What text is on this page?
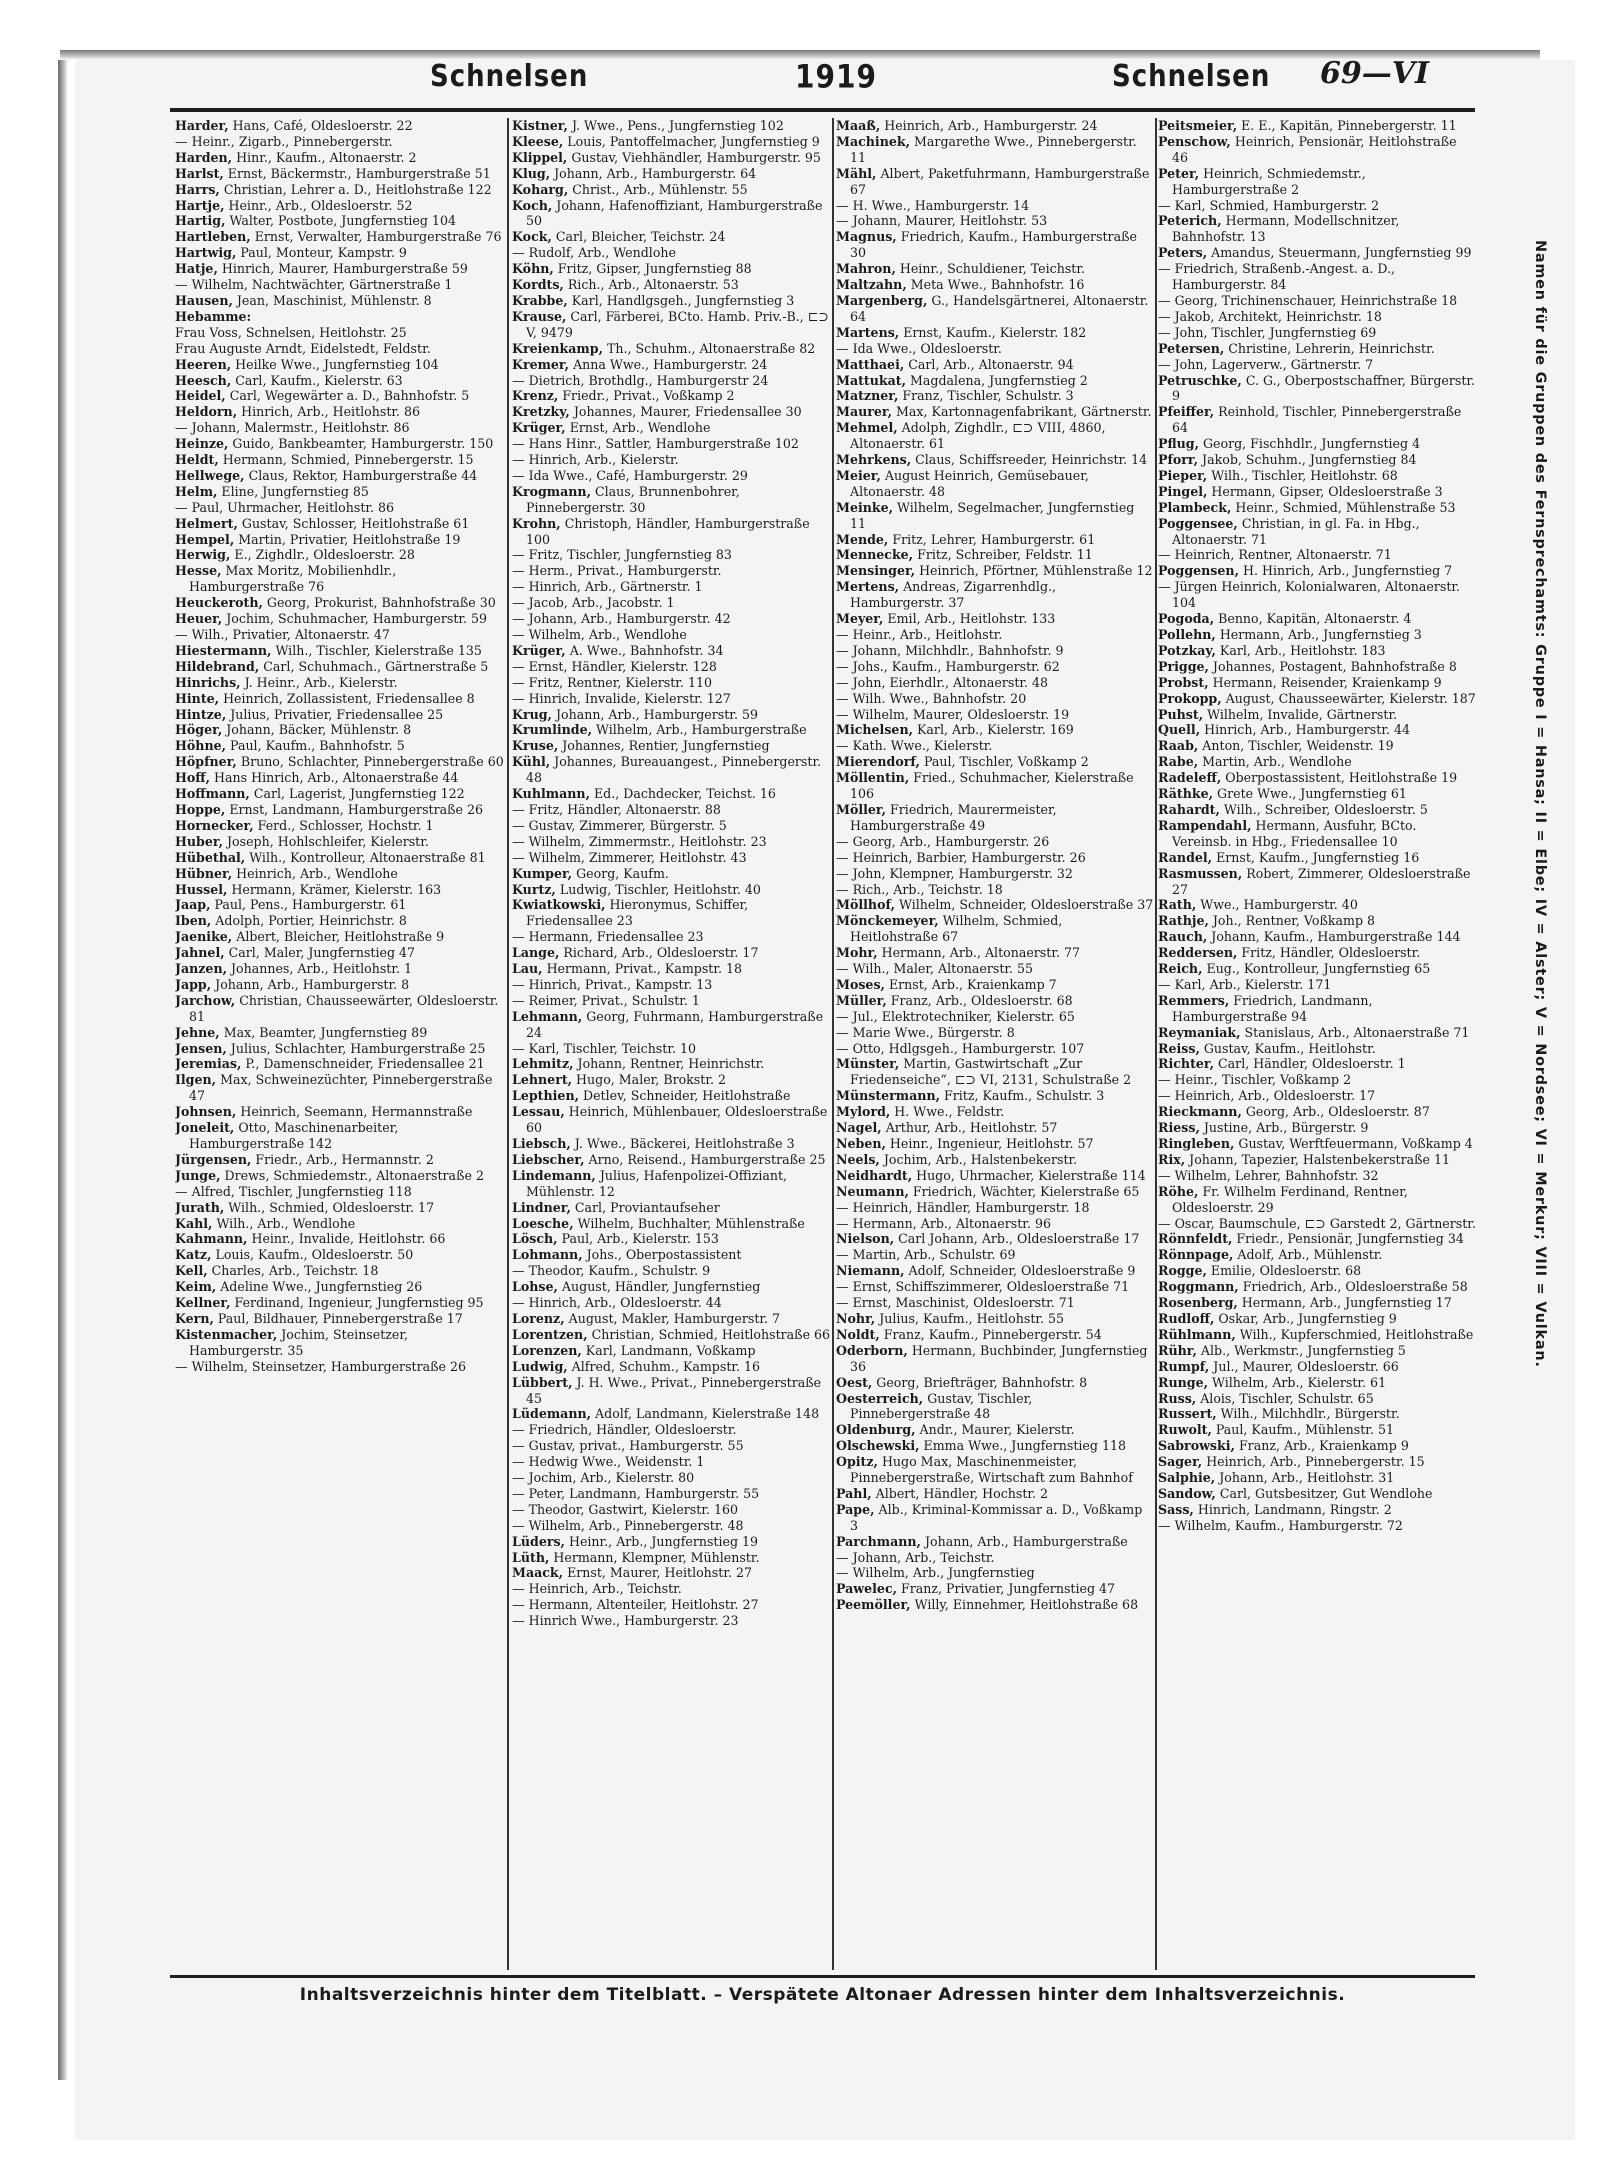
Schnelsen	1919	Schnelsen 69—VI

Harder, Hans, Café, Oldesloerstr. 22

— Heinr., Zigarb., Pinnebergerstr.

Harden, Hinr., Kaufm., Altonaerstr. 2

Harlst, Ernst, Bäckermstr., Hamburgerstraße 51

Harrs, Christian, Lehrer a. D., Heitlohstraße 122

Hartje, Heinr., Arb., Oldesloerstr. 52

Hartig, Walter, Postbote, Jungfernstieg 104

Hartleben, Ernst, Verwalter, Hamburgerstraße 76

Hartwig, Paul, Monteur, Kampstr. 9

Hatje, Hinrich, Maurer, Hamburgerstraße 59

— Wilhelm, Nachtwächter, Gärtnerstraße 1

Hausen, Jean, Maschinist, Mühlenstr. 8

Hebamme:

Frau Voss, Schnelsen, Heitlohstr. 25

Frau Auguste Arndt, Eidelstedt, Feldstr.

Heeren, Heilke Wwe., Jungfernstieg 104

Heesch, Carl, Kaufm., Kielerstr. 63

Heidel, Carl, Wegewärter a. D., Bahnhofstr. 5

Heldorn, Hinrich, Arb., Heitlohstr. 86

— Johann, Malermstr., Heitlohstr. 86

Heinze, Guido, Bankbeamter, Hamburgerstr. 150

Heldt, Hermann, Schmied, Pinnebergerstr. 15

Hellwege, Claus, Rektor, Hamburgerstraße 44

Helm, Eline, Jungfernstieg 85

— Paul, Uhrmacher, Heitlohstr. 86

Helmert, Gustav, Schlosser, Heitlohstraße 61

Hempel, Martin, Privatier, Heitlohstraße 19

Herwig, E., Zighdlr., Oldesloerstr. 28

Hesse, Max Moritz, Mobilienhdlr., Hamburgerstraße 76

Heuckeroth, Georg, Prokurist, Bahnhofstraße 30

Heuer, Jochim, Schuhmacher, Hamburgerstr. 59

— Wilh., Privatier, Altonaerstr. 47

Hiestermann, Wilh., Tischler, Kielerstraße 135

Hildebrand, Carl, Schuhmach., Gärtnerstraße 5

Hinrichs, J. Heinr., Arb., Kielerstr.

Hinte, Heinrich, Zollassistent, Friedensallee 8

Hintze, Julius, Privatier, Friedensallee 25

Höger, Johann, Bäcker, Mühlenstr. 8

Höhne, Paul, Kaufm., Bahnhofstr. 5

Höpfner, Bruno, Schlachter, Pinnebergerstraße 60

Hoff, Hans Hinrich, Arb., Altonaerstraße 44

Hoffmann, Carl, Lagerist, Jungfernstieg 122

Hoppe, Ernst, Landmann, Hamburgerstraße 26

Hornecker, Ferd., Schlosser, Hochstr. 1

Huber, Joseph, Hohlschleifer, Kielerstr.

Hübethal, Wilh., Kontrolleur, Altonaerstraße 81

Hübner, Heinrich, Arb., Wendlohe

Hussel, Hermann, Krämer, Kielerstr. 163

Jaap, Paul, Pens., Hamburgerstr. 61

Iben, Adolph, Portier, Heinrichstr. 8

Jaenike, Albert, Bleicher, Heitlohstraße 9

Jahnel, Carl, Maler, Jungfernstieg 47

Janzen, Johannes, Arb., Heitlohstr. 1

Japp, Johann, Arb., Hamburgerstr. 8

Jarchow, Christian, Chausseewärter, Oldesloerstr. 81

Jehne, Max, Beamter, Jungfernstieg 89

Jensen, Julius, Schlachter, Hamburgerstraße 25

Jeremias, P., Damenschneider, Friedensallee 21

Ilgen, Max, Schweinezüchter, Pinnebergerstraße 47

Johnsen, Heinrich, Seemann, Hermannstraße

Joneleit, Otto, Maschinenarbeiter, Hamburgerstraße 142

Jürgensen, Friedr., Arb., Hermannstr. 2

Junge, Drews, Schmiedemstr., Altonaerstraße 2

— Alfred, Tischler, Jungfernstieg 118

Jurath, Wilh., Schmied, Oldesloerstr. 17

Kahl, Wilh., Arb., Wendlohe

Kahmann, Heinr., Invalide, Heitlohstr. 66

Katz, Louis, Kaufm., Oldesloerstr. 50

Kell, Charles, Arb., Teichstr. 18

Keim, Adeline Wwe., Jungfernstieg 26

Kellner, Ferdinand, Ingenieur, Jungfernstieg 95

Kern, Paul, Bildhauer, Pinnebergerstraße 17

Kistenmacher, Jochim, Steinsetzer, Hamburgerstr. 35

— Wilhelm, Steinsetzer, Hamburgerstraße 26

Kistner, J. Wwe., Pens., Jungfernstieg 102

Kleese, Louis, Pantoffelmacher, Jungfernstieg 9

Klippel, Gustav, Viehhändler, Hamburgerstr. 95

Klug, Johann, Arb., Hamburgerstr. 64

Koharg, Christ., Arb., Mühlenstr. 55

Koch, Johann, Hafenoffiziant, Hamburgerstraße 50

Kock, Carl, Bleicher, Teichstr. 24

— Rudolf, Arb., Wendlohe

Köhn, Fritz, Gipser, Jungfernstieg 88

Kordts, Rich., Arb., Altonaerstr. 53

Krabbe, Karl, Handlgsgeh., Jungfernstieg 3

Krause, Carl, Färberei, BCto. Hamb. Priv.-B., ⊏⊃ V, 9479

Kreienkamp, Th., Schuhm., Altonaerstraße 82

Kremer, Anna Wwe., Hamburgerstr. 24

— Dietrich, Brothdlg., Hamburgerstr 24

Krenz, Friedr., Privat., Voßkamp 2

Kretzky, Johannes, Maurer, Friedensallee 30

Krüger, Ernst, Arb., Wendlohe

— Hans Hinr., Sattler, Hamburgerstraße 102

— Hinrich, Arb., Kielerstr.

— Ida Wwe., Café, Hamburgerstr. 29

Krogmann, Claus, Brunnenbohrer, Pinnebergerstr. 30

Krohn, Christoph, Händler, Hamburgerstraße 100

— Fritz, Tischler, Jungfernstieg 83

— Herm., Privat., Hamburgerstr.

— Hinrich, Arb., Gärtnerstr. 1

— Jacob, Arb., Jacobstr. 1

— Johann, Arb., Hamburgerstr. 42

— Wilhelm, Arb., Wendlohe

Krüger, A. Wwe., Bahnhofstr. 34

— Ernst, Händler, Kielerstr. 128

— Fritz, Rentner, Kielerstr. 110

— Hinrich, Invalide, Kielerstr. 127

Krug, Johann, Arb., Hamburgerstr. 59

Krumlinde, Wilhelm, Arb., Hamburgerstraße

Kruse, Johannes, Rentier, Jungfernstieg

Kühl, Johannes, Bureauangest., Pinnebergerstr. 48

Kuhlmann, Ed., Dachdecker, Teichst. 16

— Fritz, Händler, Altonaerstr. 88

— Gustav, Zimmerer, Bürgerstr. 5

— Wilhelm, Zimmermstr., Heitlohstr. 23

— Wilhelm, Zimmerer, Heitlohstr. 43

Kumper, Georg, Kaufm.

Kurtz, Ludwig, Tischler, Heitlohstr. 40

Kwiatkowski, Hieronymus, Schiffer, Friedensallee 23

— Hermann, Friedensallee 23

Lange, Richard, Arb., Oldesloerstr. 17

Lau, Hermann, Privat., Kampstr. 18

— Hinrich, Privat., Kampstr. 13

— Reimer, Privat., Schulstr. 1

Lehmann, Georg, Fuhrmann, Hamburgerstraße 24

— Karl, Tischler, Teichstr. 10

Lehmitz, Johann, Rentner, Heinrichstr.

Lehnert, Hugo, Maler, Brokstr. 2

Lepthien, Detlev, Schneider, Heitlohstraße

Lessau, Heinrich, Mühlenbauer, Oldesloerstraße 60

Liebsch, J. Wwe., Bäckerei, Heitlohstraße 3

Liebscher, Arno, Reisend., Hamburgerstraße 25

Lindemann, Julius, Hafenpolizei-Offiziant, Mühlenstr. 12

Lindner, Carl, Proviantaufseher

Loesche, Wilhelm, Buchhalter, Mühlenstraße

Lösch, Paul, Arb., Kielerstr. 153

Lohmann, Johs., Oberpostassistent

— Theodor, Kaufm., Schulstr. 9

Lohse, August, Händler, Jungfernstieg

— Hinrich, Arb., Oldesloerstr. 44

Lorenz, August, Makler, Hamburgerstr. 7

Lorentzen, Christian, Schmied, Heitlohstraße 66

Lorenzen, Karl, Landmann, Voßkamp

Ludwig, Alfred, Schuhm., Kampstr. 16

Lübbert, J. H. Wwe., Privat., Pinnebergerstraße 45

Lüdemann, Adolf, Landmann, Kielerstraße 148

— Friedrich, Händler, Oldesloerstr.

— Gustav, privat., Hamburgerstr. 55

— Hedwig Wwe., Weidenstr. 1

— Jochim, Arb., Kielerstr. 80

— Peter, Landmann, Hamburgerstr. 55

— Theodor, Gastwirt, Kielerstr. 160

— Wilhelm, Arb., Pinnebergerstr. 48

Lüders, Heinr., Arb., Jungfernstieg 19

Lüth, Hermann, Klempner, Mühlenstr.

Maack, Ernst, Maurer, Heitlohstr. 27

— Heinrich, Arb., Teichstr.

— Hermann, Altenteiler, Heitlohstr. 27

— Hinrich Wwe., Hamburgerstr. 23

Maaß, Heinrich, Arb., Hamburgerstr. 24

Machinek, Margarethe Wwe., Pinnebergerstr. 11

Mähl, Albert, Paketfuhrmann, Hamburgerstraße 67

— H. Wwe., Hamburgerstr. 14

— Johann, Maurer, Heitlohstr. 53

Magnus, Friedrich, Kaufm., Hamburgerstraße 30

Mahron, Heinr., Schuldiener, Teichstr.

Maltzahn, Meta Wwe., Bahnhofstr. 16

Margenberg, G., Handelsgärtnerei, Altonaerstr. 64

Martens, Ernst, Kaufm., Kielerstr. 182

— Ida Wwe., Oldesloerstr.

Matthaei, Carl, Arb., Altonaerstr. 94

Mattukat, Magdalena, Jungfernstieg 2

Matzner, Franz, Tischler, Schulstr. 3

Maurer, Max, Kartonnagenfabrikant, Gärtnerstr.

Mehmel, Adolph, Zighdlr., ⊏⊃ VIII, 4860, Altonaerstr. 61

Mehrkens, Claus, Schiffsreeder, Heinrichstr. 14

Meier, August Heinrich, Gemüsebauer, Altonaerstr. 48

Meinke, Wilhelm, Segelmacher, Jungfernstieg 11

Mende, Fritz, Lehrer, Hamburgerstr. 61

Mennecke, Fritz, Schreiber, Feldstr. 11

Mensinger, Heinrich, Pförtner, Mühlenstraße 12

Mertens, Andreas, Zigarrenhdlg., Hamburgerstr. 37

Meyer, Emil, Arb., Heitlohstr. 133

— Heinr., Arb., Heitlohstr.

— Johann, Milchhdlr., Bahnhofstr. 9

— Johs., Kaufm., Hamburgerstr. 62

— John, Eierhdlr., Altonaerstr. 48

— Wilh. Wwe., Bahnhofstr. 20

— Wilhelm, Maurer, Oldesloerstr. 19

Michelsen, Karl, Arb., Kielerstr. 169

— Kath. Wwe., Kielerstr.

Mierendorf, Paul, Tischler, Voßkamp 2

Möllentin, Fried., Schuhmacher, Kielerstraße 106

Möller, Friedrich, Maurermeister, Hamburgerstraße 49

— Georg, Arb., Hamburgerstr. 26

— Heinrich, Barbier, Hamburgerstr. 26

— John, Klempner, Hamburgerstr. 32

— Rich., Arb., Teichstr. 18

Möllhof, Wilhelm, Schneider, Oldesloerstraße 37

Mönckemeyer, Wilhelm, Schmied, Heitlohstraße 67

Mohr, Hermann, Arb., Altonaerstr. 77

— Wilh., Maler, Altonaerstr. 55

Moses, Ernst, Arb., Kraienkamp 7

Müller, Franz, Arb., Oldesloerstr. 68

— Jul., Elektrotechniker, Kielerstr. 65

— Marie Wwe., Bürgerstr. 8

— Otto, Hdlgsgeh., Hamburgerstr. 107

Münster, Martin, Gastwirtschaft „Zur Friedenseiche“, ⊏⊃ VI, 2131, Schulstraße 2

Münstermann, Fritz, Kaufm., Schulstr. 3

Mylord, H. Wwe., Feldstr.

Nagel, Arthur, Arb., Heitlohstr. 57

Neben, Heinr., Ingenieur, Heitlohstr. 57

Neels, Jochim, Arb., Halstenbekerstr.

Neidhardt, Hugo, Uhrmacher, Kielerstraße 114

Neumann, Friedrich, Wächter, Kielerstraße 65

— Heinrich, Händler, Hamburgerstr. 18

— Hermann, Arb., Altonaerstr. 96

Nielson, Carl Johann, Arb., Oldesloerstraße 17

— Martin, Arb., Schulstr. 69

Niemann, Adolf, Schneider, Oldesloerstraße 9

— Ernst, Schiffszimmerer, Oldesloerstraße 71

— Ernst, Maschinist, Oldesloerstr. 71

Nohr, Julius, Kaufm., Heitlohstr. 55

Noldt, Franz, Kaufm., Pinnebergerstr. 54

Oderborn, Hermann, Buchbinder, Jungfernstieg 36

Oest, Georg, Briefträger, Bahnhofstr. 8

Oesterreich, Gustav, Tischler, Pinnebergerstraße 48

Oldenburg, Andr., Maurer, Kielerstr.

Olschewski, Emma Wwe., Jungfernstieg 118

Opitz, Hugo Max, Maschinenmeister, Pinnebergerstraße, Wirtschaft zum Bahnhof

Pahl, Albert, Händler, Hochstr. 2

Pape, Alb., Kriminal-Kommissar a. D., Voßkamp 3

Parchmann, Johann, Arb., Hamburgerstraße

— Johann, Arb., Teichstr.

— Wilhelm, Arb., Jungfernstieg

Pawelec, Franz, Privatier, Jungfernstieg 47

Peemöller, Willy, Einnehmer, Heitlohstraße 68

Peitsmeier, E. E., Kapitän, Pinnebergerstr. 11

Penschow, Heinrich, Pensionär, Heitlohstraße 46

Peter, Heinrich, Schmiedemstr., Hamburgerstraße 2

— Karl, Schmied, Hamburgerstr. 2

Peterich, Hermann, Modellschnitzer, Bahnhofstr. 13

Peters, Amandus, Steuermann, Jungfernstieg 99

— Friedrich, Straßenb.-Angest. a. D., Hamburgerstr. 84

— Georg, Trichinenschauer, Heinrichstraße 18

— Jakob, Architekt, Heinrichstr. 18

— John, Tischler, Jungfernstieg 69

Petersen, Christine, Lehrerin, Heinrichstr.

— John, Lagerverw., Gärtnerstr. 7

Petruschke, C. G., Oberpostschaffner, Bürgerstr. 9

Pfeiffer, Reinhold, Tischler, Pinnebergerstraße 64

Pflug, Georg, Fischhdlr., Jungfernstieg 4

Pforr, Jakob, Schuhm., Jungfernstieg 84

Pieper, Wilh., Tischler, Heitlohstr. 68

Pingel, Hermann, Gipser, Oldesloerstraße 3

Plambeck, Heinr., Schmied, Mühlenstraße 53

Poggensee, Christian, in gl. Fa. in Hbg., Altonaerstr. 71

— Heinrich, Rentner, Altonaerstr. 71

Poggensen, H. Hinrich, Arb., Jungfernstieg 7

— Jürgen Heinrich, Kolonialwaren, Altonaerstr. 104

Pogoda, Benno, Kapitän, Altonaerstr. 4

Pollehn, Hermann, Arb., Jungfernstieg 3

Potzkay, Karl, Arb., Heitlohstr. 183

Prigge, Johannes, Postagent, Bahnhofstraße 8

Probst, Hermann, Reisender, Kraienkamp 9

Prokopp, August, Chausseewärter, Kielerstr. 187

Puhst, Wilhelm, Invalide, Gärtnerstr.

Quell, Hinrich, Arb., Hamburgerstr. 44

Raab, Anton, Tischler, Weidenstr. 19

Rabe, Martin, Arb., Wendlohe

Radeleff, Oberpostassistent, Heitlohstraße 19

Räthke, Grete Wwe., Jungfernstieg 61

Rahardt, Wilh., Schreiber, Oldesloerstr. 5

Rampendahl, Hermann, Ausfuhr, BCto. Vereinsb. in Hbg., Friedensallee 10

Randel, Ernst, Kaufm., Jungfernstieg 16

Rasmussen, Robert, Zimmerer, Oldesloerstraße 27

Rath, Wwe., Hamburgerstr. 40

Rathje, Joh., Rentner, Voßkamp 8

Rauch, Johann, Kaufm., Hamburgerstraße 144

Reddersen, Fritz, Händler, Oldesloerstr.

Reich, Eug., Kontrolleur, Jungfernstieg 65

— Karl, Arb., Kielerstr. 171

Remmers, Friedrich, Landmann, Hamburgerstraße 94

Reymaniak, Stanislaus, Arb., Altonaerstraße 71

Reiss, Gustav, Kaufm., Heitlohstr.

Richter, Carl, Händler, Oldesloerstr. 1

— Heinr., Tischler, Voßkamp 2

— Heinrich, Arb., Oldesloerstr. 17

Rieckmann, Georg, Arb., Oldesloerstr. 87

Riess, Justine, Arb., Bürgerstr. 9

Ringleben, Gustav, Werftfeuermann, Voßkamp 4

Rix, Johann, Tapezier, Halstenbekerstraße 11

— Wilhelm, Lehrer, Bahnhofstr. 32

Röhe, Fr. Wilhelm Ferdinand, Rentner, Oldesloerstr. 29

— Oscar, Baumschule, ⊏⊃ Garstedt 2, Gärtnerstr.

Rönnfeldt, Friedr., Pensionär, Jungfernstieg 34

Rönnpage, Adolf, Arb., Mühlenstr.

Rogge, Emilie, Oldesloerstr. 68

Roggmann, Friedrich, Arb., Oldesloerstraße 58

Rosenberg, Hermann, Arb., Jungfernstieg 17

Rudloff, Oskar, Arb., Jungfernstieg 9

Rühlmann, Wilh., Kupferschmied, Heitlohstraße

Rühr, Alb., Werkmstr., Jungfernstieg 5

Rumpf, Jul., Maurer, Oldesloerstr. 66

Runge, Wilhelm, Arb., Kielerstr. 61

Russ, Alois, Tischler, Schulstr. 65

Russert, Wilh., Milchhdlr., Bürgerstr.

Ruwolt, Paul, Kaufm., Mühlenstr. 51

Sabrowski, Franz, Arb., Kraienkamp 9

Sager, Heinrich, Arb., Pinnebergerstr. 15

Salphie, Johann, Arb., Heitlohstr. 31

Sandow, Carl, Gutsbesitzer, Gut Wendlohe

Sass, Hinrich, Landmann, Ringstr. 2

— Wilhelm, Kaufm., Hamburgerstr. 72

Inhaltsverzeichnis hinter dem Titelblatt. – Verspätete Altonaer Adressen hinter dem Inhaltsverzeichnis.
Namen für die Gruppen des Fernsprechamts: Gruppe I = Hansa; II = Elbe; IV = Alster; V = Nordsee; VI = Merkur; VIII = Vulkan.
